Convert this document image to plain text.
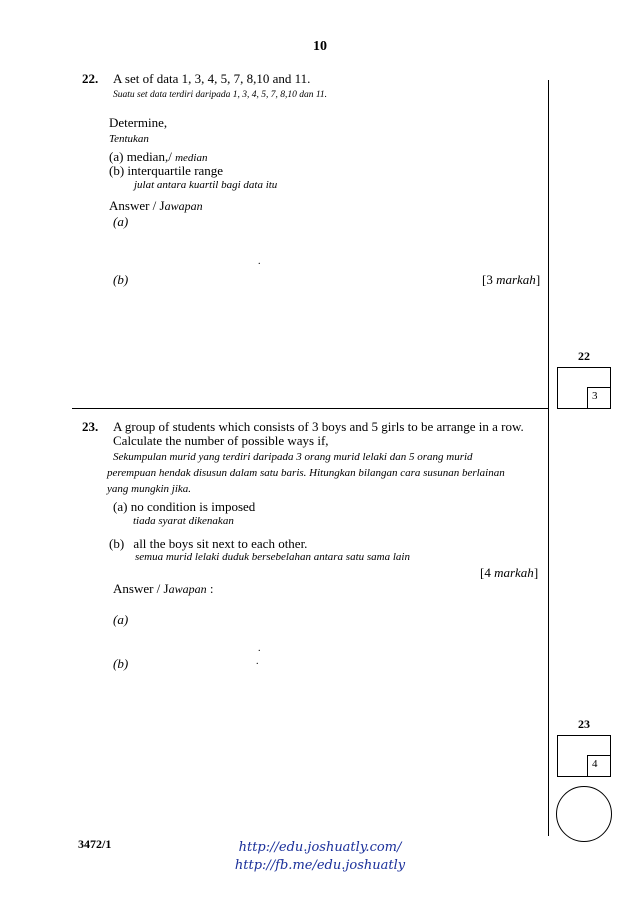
10
22. A set of data 1, 3, 4, 5, 7, 8,10 and 11.
Suatu set data terdiri daripada 1, 3, 4, 5, 7, 8,10 dan 11.
Determine,
Tentukan
(a) median,/ median
(b) interquartile range
julat antara kuartil bagi data itu
Answer / Jawapan
(a)
.
(b)	[3 markah]
22
3
23. A group of students which consists of 3 boys and 5 girls to be arrange in a row.
Calculate the number of possible ways if,
Sekumpulan murid yang terdiri daripada 3 orang murid lelaki dan 5 orang murid
perempuan hendak disusun dalam satu baris. Hitungkan bilangan cara susunan berlainan
yang mungkin jika.
(a) no condition is imposed
tiada syarat dikenakan
(b) all the boys sit next to each other.
semua murid lelaki duduk bersebelahan antara satu sama lain
[4 markah]
Answer / Jawapan :
(a)
.
(b)	.
23
4
3472/1	http://edu.joshuatly.com/
http://fb.me/edu.joshuatly
